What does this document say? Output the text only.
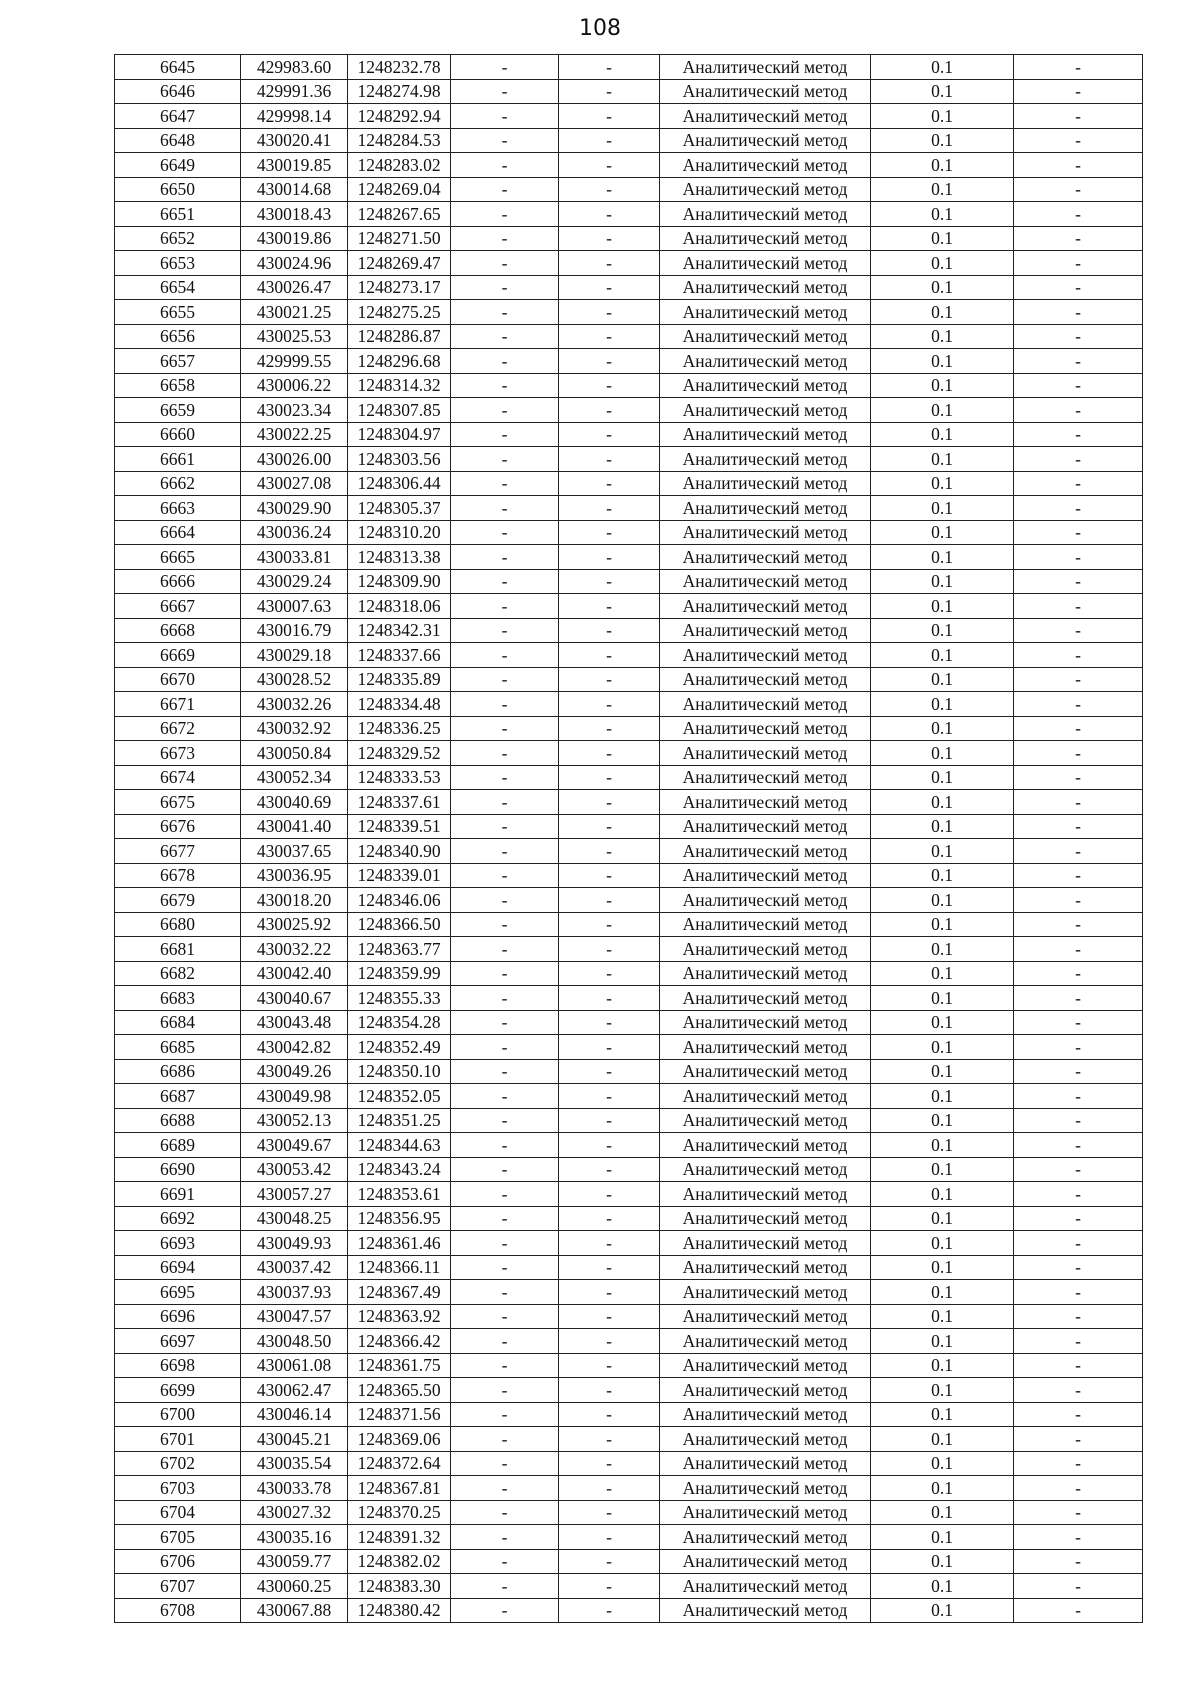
108
6645	429983.60	1248232.78	-	-	Аналитический метод	0.1	-
6646	429991.36	1248274.98	-	-	Аналитический метод	0.1	-
6647	429998.14	1248292.94	-	-	Аналитический метод	0.1	-
6648	430020.41	1248284.53	-	-	Аналитический метод	0.1	-
6649	430019.85	1248283.02	-	-	Аналитический метод	0.1	-
6650	430014.68	1248269.04	-	-	Аналитический метод	0.1	-
6651	430018.43	1248267.65	-	-	Аналитический метод	0.1	-
6652	430019.86	1248271.50	-	-	Аналитический метод	0.1	-
6653	430024.96	1248269.47	-	-	Аналитический метод	0.1	-
6654	430026.47	1248273.17	-	-	Аналитический метод	0.1	-
6655	430021.25	1248275.25	-	-	Аналитический метод	0.1	-
6656	430025.53	1248286.87	-	-	Аналитический метод	0.1	-
6657	429999.55	1248296.68	-	-	Аналитический метод	0.1	-
6658	430006.22	1248314.32	-	-	Аналитический метод	0.1	-
6659	430023.34	1248307.85	-	-	Аналитический метод	0.1	-
6660	430022.25	1248304.97	-	-	Аналитический метод	0.1	-
6661	430026.00	1248303.56	-	-	Аналитический метод	0.1	-
6662	430027.08	1248306.44	-	-	Аналитический метод	0.1	-
6663	430029.90	1248305.37	-	-	Аналитический метод	0.1	-
6664	430036.24	1248310.20	-	-	Аналитический метод	0.1	-
6665	430033.81	1248313.38	-	-	Аналитический метод	0.1	-
6666	430029.24	1248309.90	-	-	Аналитический метод	0.1	-
6667	430007.63	1248318.06	-	-	Аналитический метод	0.1	-
6668	430016.79	1248342.31	-	-	Аналитический метод	0.1	-
6669	430029.18	1248337.66	-	-	Аналитический метод	0.1	-
6670	430028.52	1248335.89	-	-	Аналитический метод	0.1	-
6671	430032.26	1248334.48	-	-	Аналитический метод	0.1	-
6672	430032.92	1248336.25	-	-	Аналитический метод	0.1	-
6673	430050.84	1248329.52	-	-	Аналитический метод	0.1	-
6674	430052.34	1248333.53	-	-	Аналитический метод	0.1	-
6675	430040.69	1248337.61	-	-	Аналитический метод	0.1	-
6676	430041.40	1248339.51	-	-	Аналитический метод	0.1	-
6677	430037.65	1248340.90	-	-	Аналитический метод	0.1	-
6678	430036.95	1248339.01	-	-	Аналитический метод	0.1	-
6679	430018.20	1248346.06	-	-	Аналитический метод	0.1	-
6680	430025.92	1248366.50	-	-	Аналитический метод	0.1	-
6681	430032.22	1248363.77	-	-	Аналитический метод	0.1	-
6682	430042.40	1248359.99	-	-	Аналитический метод	0.1	-
6683	430040.67	1248355.33	-	-	Аналитический метод	0.1	-
6684	430043.48	1248354.28	-	-	Аналитический метод	0.1	-
6685	430042.82	1248352.49	-	-	Аналитический метод	0.1	-
6686	430049.26	1248350.10	-	-	Аналитический метод	0.1	-
6687	430049.98	1248352.05	-	-	Аналитический метод	0.1	-
6688	430052.13	1248351.25	-	-	Аналитический метод	0.1	-
6689	430049.67	1248344.63	-	-	Аналитический метод	0.1	-
6690	430053.42	1248343.24	-	-	Аналитический метод	0.1	-
6691	430057.27	1248353.61	-	-	Аналитический метод	0.1	-
6692	430048.25	1248356.95	-	-	Аналитический метод	0.1	-
6693	430049.93	1248361.46	-	-	Аналитический метод	0.1	-
6694	430037.42	1248366.11	-	-	Аналитический метод	0.1	-
6695	430037.93	1248367.49	-	-	Аналитический метод	0.1	-
6696	430047.57	1248363.92	-	-	Аналитический метод	0.1	-
6697	430048.50	1248366.42	-	-	Аналитический метод	0.1	-
6698	430061.08	1248361.75	-	-	Аналитический метод	0.1	-
6699	430062.47	1248365.50	-	-	Аналитический метод	0.1	-
6700	430046.14	1248371.56	-	-	Аналитический метод	0.1	-
6701	430045.21	1248369.06	-	-	Аналитический метод	0.1	-
6702	430035.54	1248372.64	-	-	Аналитический метод	0.1	-
6703	430033.78	1248367.81	-	-	Аналитический метод	0.1	-
6704	430027.32	1248370.25	-	-	Аналитический метод	0.1	-
6705	430035.16	1248391.32	-	-	Аналитический метод	0.1	-
6706	430059.77	1248382.02	-	-	Аналитический метод	0.1	-
6707	430060.25	1248383.30	-	-	Аналитический метод	0.1	-
6708	430067.88	1248380.42	-	-	Аналитический метод	0.1	-
